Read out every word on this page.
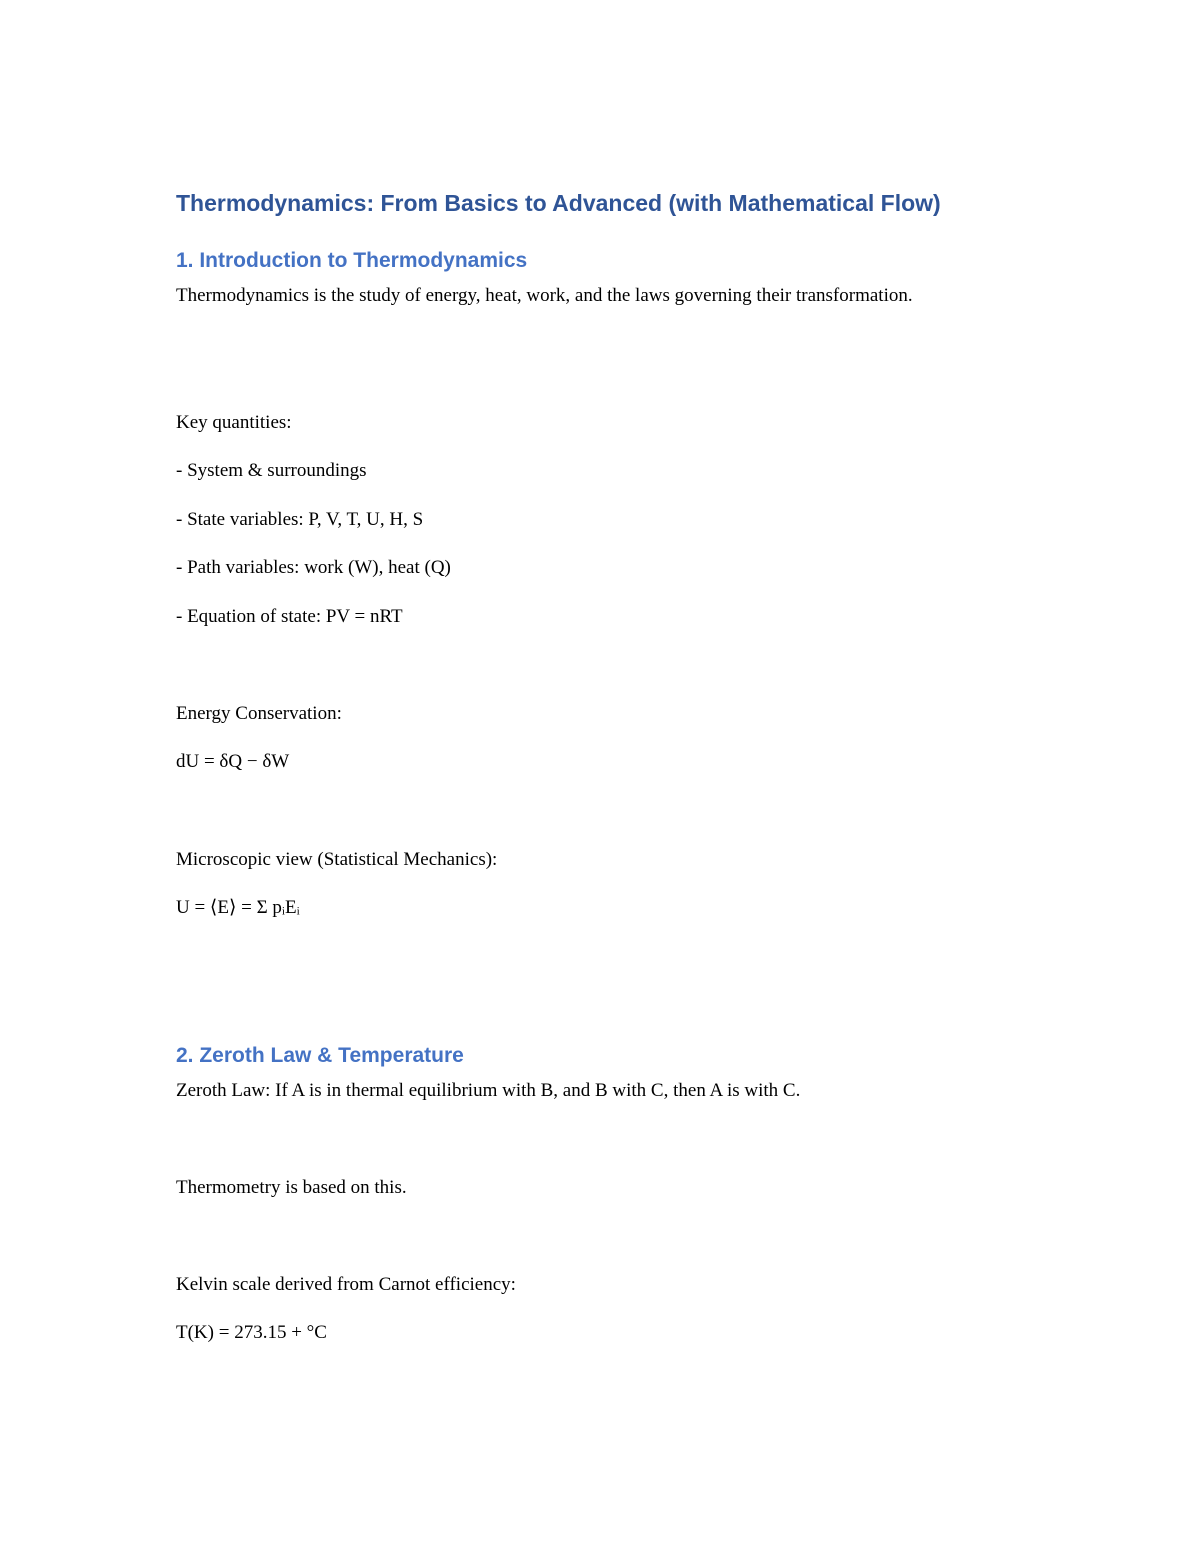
Thermodynamics: From Basics to Advanced (with Mathematical Flow)
1. Introduction to Thermodynamics

Thermodynamics is the study of energy, heat, work, and the laws governing their transformation.

Key quantities:

- System & surroundings

- State variables: P, V, T, U, H, S

- Path variables: work (W), heat (Q)

- Equation of state: PV = nRT

Energy Conservation:

dU = δQ − δW

Microscopic view (Statistical Mechanics):

U = ⟨E⟩ = Σ pᵢEᵢ

2. Zeroth Law & Temperature

Zeroth Law: If A is in thermal equilibrium with B, and B with C, then A is with C.

Thermometry is based on this.

Kelvin scale derived from Carnot efficiency:

T(K) = 273.15 + °C
